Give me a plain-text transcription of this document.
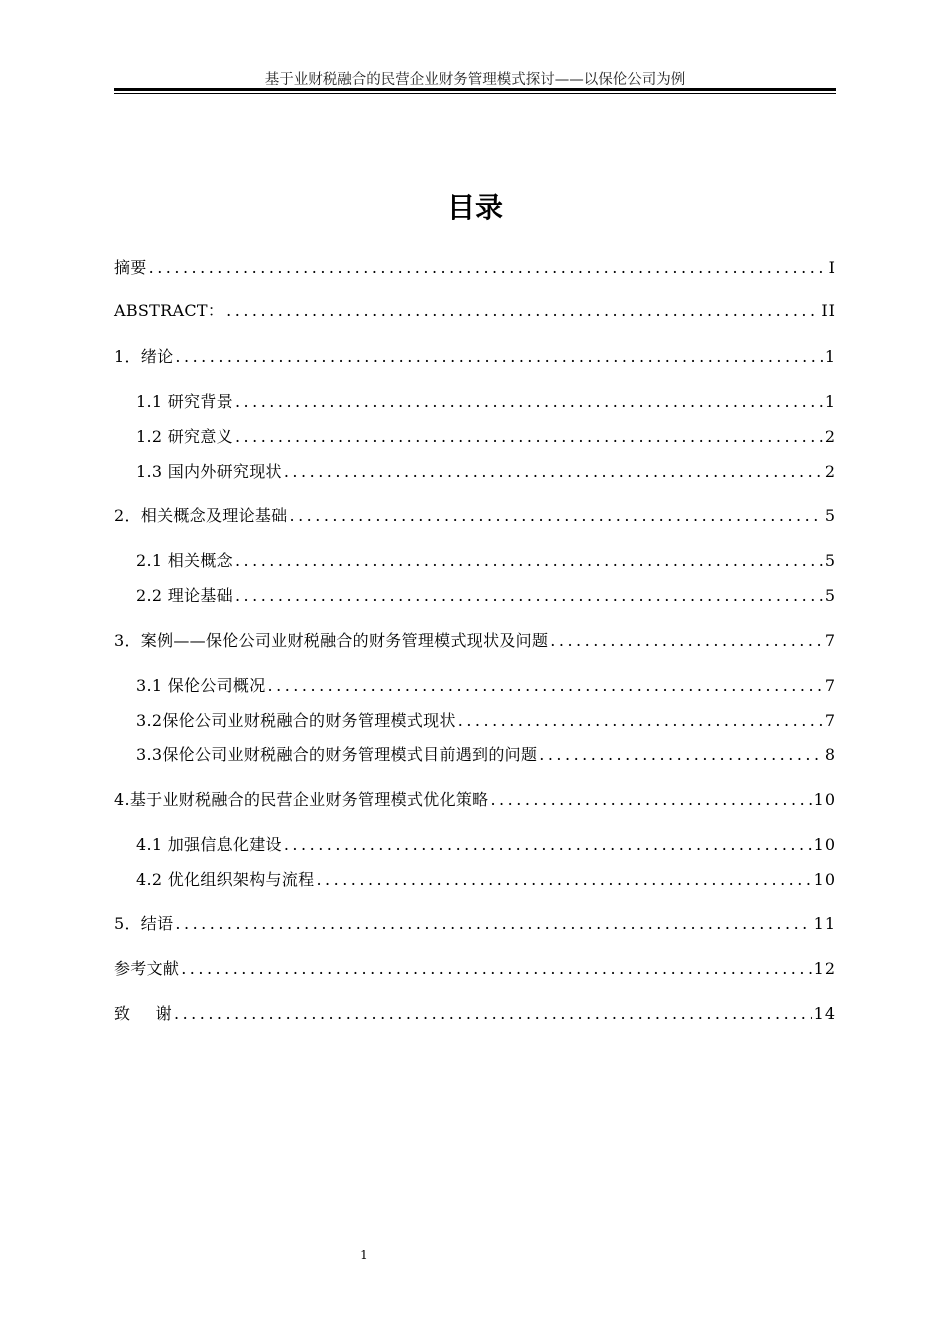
基于业财税融合的民营企业财务管理模式探讨——以保伦公司为例
目录
摘要 .....	I
ABSTRACT： .....	II
1．绪论 .....	1
1.1 研究背景 .....	1
1.2 研究意义 .....	2
1.3 国内外研究现状 .....	2
2．相关概念及理论基础 .....	5
2.1 相关概念 .....	5
2.2 理论基础 .....	5
3．案例——保伦公司业财税融合的财务管理模式现状及问题 .....	7
3.1 保伦公司概况 .....	7
3.2保伦公司业财税融合的财务管理模式现状 .....	7
3.3保伦公司业财税融合的财务管理模式目前遇到的问题 .....	8
4.基于业财税融合的民营企业财务管理模式优化策略 .....	10
4.1 加强信息化建设 .....	10
4.2 优化组织架构与流程 .....	10
5．结语 .....	11
参考文献 .....	12
致 谢 .....	14
1
